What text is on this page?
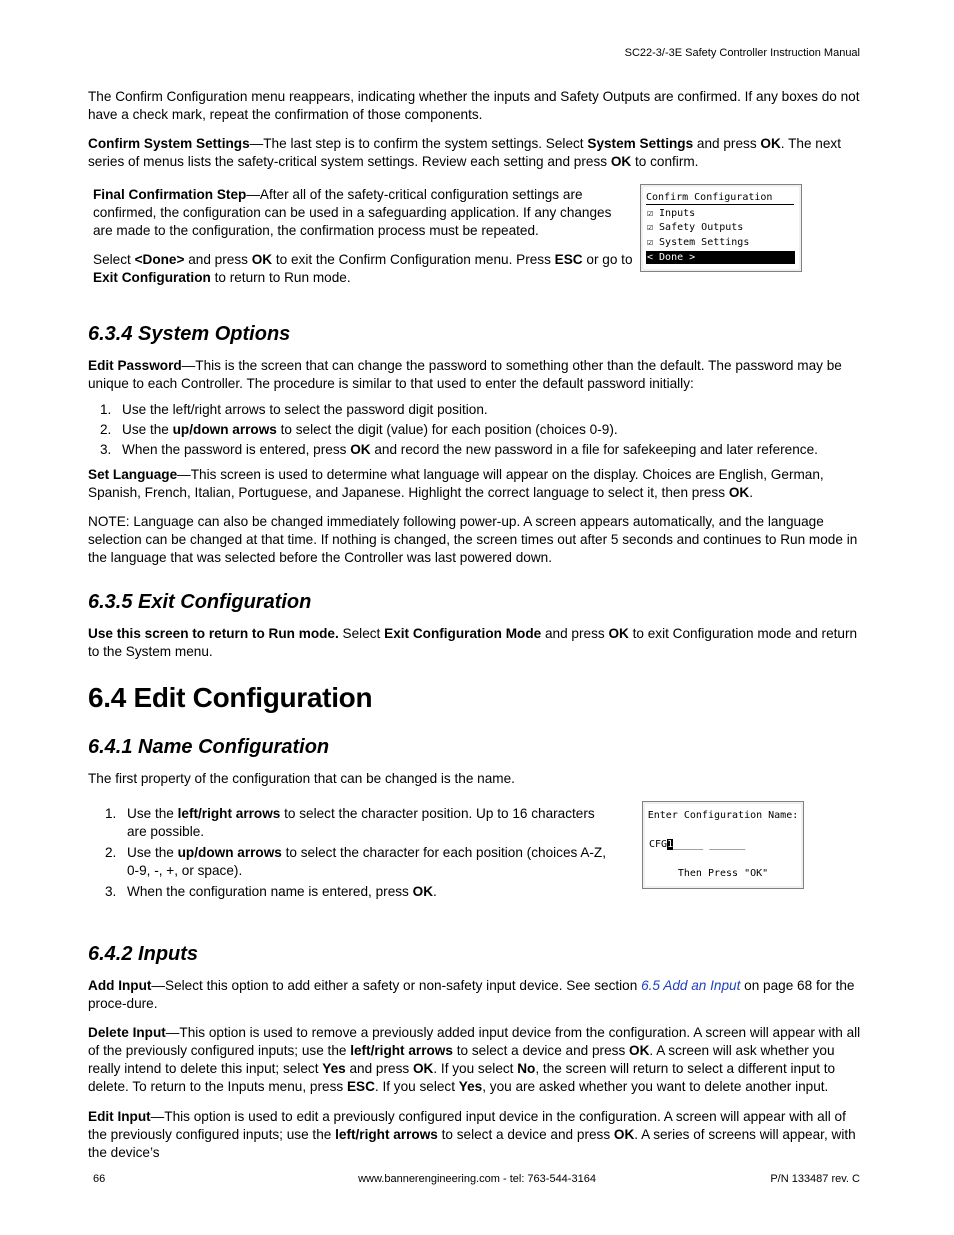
SC22-3/-3E Safety Controller Instruction Manual

The Confirm Configuration menu reappears, indicating whether the inputs and Safety Outputs are confirmed. If any boxes do not have a check mark, repeat the confirmation of those components.

Confirm System Settings—The last step is to confirm the system settings. Select System Settings and press OK. The next series of menus lists the safety-critical system settings. Review each setting and press OK to confirm.

Final Confirmation Step—After all of the safety-critical configuration settings are confirmed, the configuration can be used in a safeguarding application. If any changes are made to the configuration, the confirmation process must be repeated.

Select <Done> and press OK to exit the Confirm Configuration menu. Press ESC or go to Exit Configuration to return to Run mode.

Confirm Configuration
☑ Inputs
☑ Safety Outputs
☑ System Settings
< Done >
6.3.4 System Options

Edit Password—This is the screen that can change the password to something other than the default. The password may be unique to each Controller. The procedure is similar to that used to enter the default password initially:

1. Use the left/right arrows to select the password digit position.
2. Use the up/down arrows to select the digit (value) for each position (choices 0-9).
3. When the password is entered, press OK and record the new password in a file for safekeeping and later reference.

Set Language—This screen is used to determine what language will appear on the display. Choices are English, German, Spanish, French, Italian, Portuguese, and Japanese. Highlight the correct language to select it, then press OK.

NOTE: Language can also be changed immediately following power-up. A screen appears automatically, and the language selection can be changed at that time. If nothing is changed, the screen times out after 5 seconds and continues to Run mode in the language that was selected before the Controller was last powered down.

6.3.5 Exit Configuration

Use this screen to return to Run mode. Select Exit Configuration Mode and press OK to exit Configuration mode and return to the System menu.

6.4 Edit Configuration
6.4.1 Name Configuration

The first property of the configuration that can be changed is the name.

1. Use the left/right arrows to select the character position. Up to 16 characters are possible.
2. Use the up/down arrows to select the character for each position (choices A-Z, 0-9, -, +, or space).
3. When the configuration name is entered, press OK.
Enter Configuration Name:
CFG1_____ ______
Then Press "OK"
6.4.2 Inputs

Add Input—Select this option to add either a safety or non-safety input device. See section 6.5 Add an Input on page 68 for the proce-dure.

Delete Input—This option is used to remove a previously added input device from the configuration. A screen will appear with all of the previously configured inputs; use the left/right arrows to select a device and press OK. A screen will ask whether you really intend to delete this input; select Yes and press OK. If you select No, the screen will return to select a different input to delete. To return to the Inputs menu, press ESC. If you select Yes, you are asked whether you want to delete another input.

Edit Input—This option is used to edit a previously configured input device in the configuration. A screen will appear with all of the previously configured inputs; use the left/right arrows to select a device and press OK. A series of screens will appear, with the device’s

66	www.bannerengineering.com - tel: 763-544-3164	P/N 133487 rev. C
